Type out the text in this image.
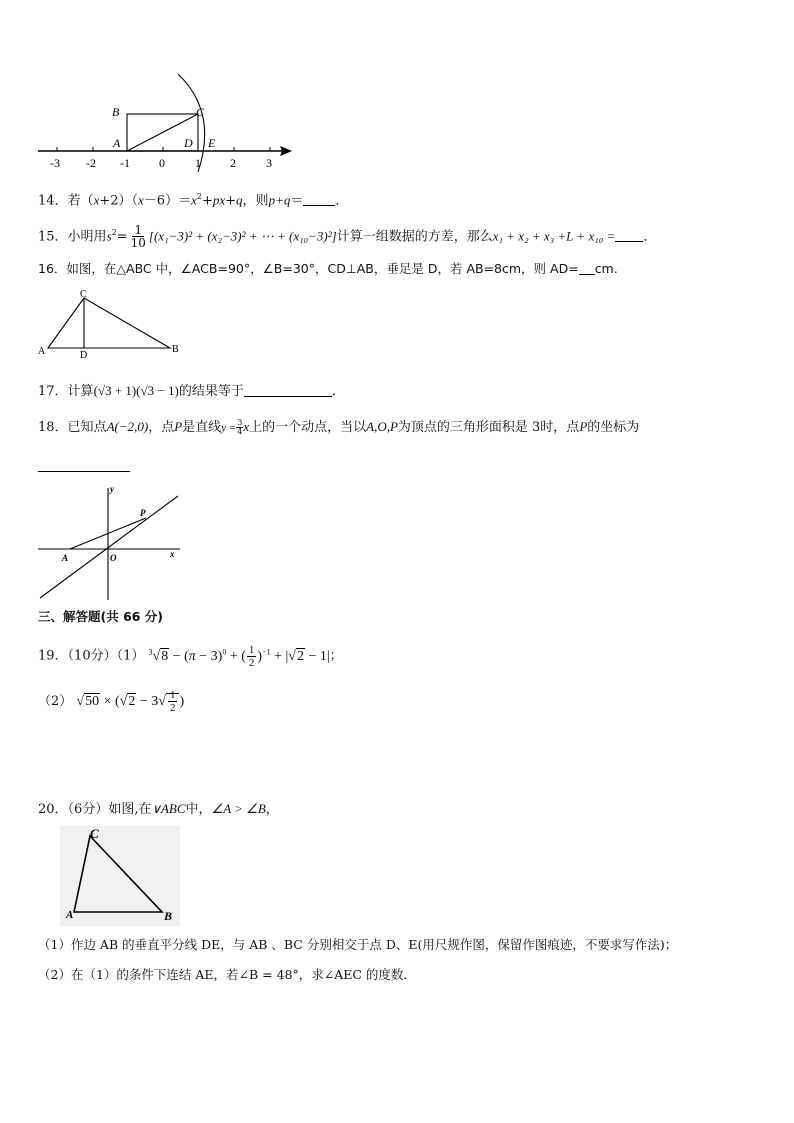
B	C
A	D E
-3 -2 -1 0	1 2	3
14．若$(x+2)(x-6)=x^2+px+q$，则p+q＝ ．
15．小明用$s^2= \frac{1}{10} [(x_1-3)^2 + (x_2-3)^2$ + ⋯ + (x₁₀−3)²]计算一组数据的方差，那么x₁ + x₂ + x₃ +L + x₁₀ = ．
16．如图，在△ABC 中，∠ACB=90°，∠B=30°，CD⊥AB，垂足是 D，若 AB=8cm，则 AD= cm.
C
A	D
B
17．计算(√3 + 1)(√3 − 1)的结果等于	．
18．已知点A(−2,0)，点P是直线$y = \frac{3}{4}$ x上的一个动点，当以A,O,P为顶点的三角形面积是 3时，点P的坐标为
y
x
P
A	O
三、解答题(共 66 分)
19．（10分）（1） $^3√8 - (\pi - 3)^0$ + ( $\frac{1}{2} )^{-1} + |√2 - 1|$；
（2） $√50 \times (√2 - 3√ \frac{1}{2}$ )
20．（6分）如图,在∨ABC中，∠A > ∠B，
C
A	B
（1）作边 AB 的垂直平分线 DE，与 AB 、BC 分别相交于点 D、E(用尺规作图，保留作图痕迹，不要求写作法)；
（2）在（1）的条件下连结 AE，若∠B = 48°，求∠AEC 的度数．
